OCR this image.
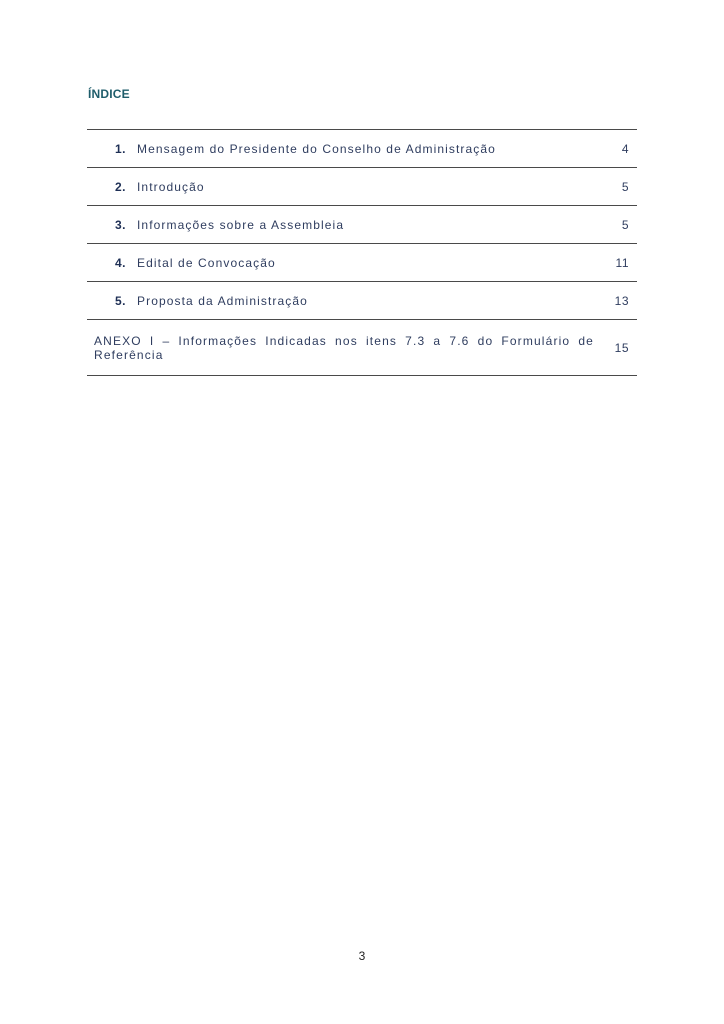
ÍNDICE
1. Mensagem do Presidente do Conselho de Administração	4
2. Introdução	5
3. Informações sobre a Assembleia	5
4. Edital de Convocação	11
5. Proposta da Administração	13
ANEXO I – Informações Indicadas nos itens 7.3 a 7.6 do Formulário de Referência	15
3
